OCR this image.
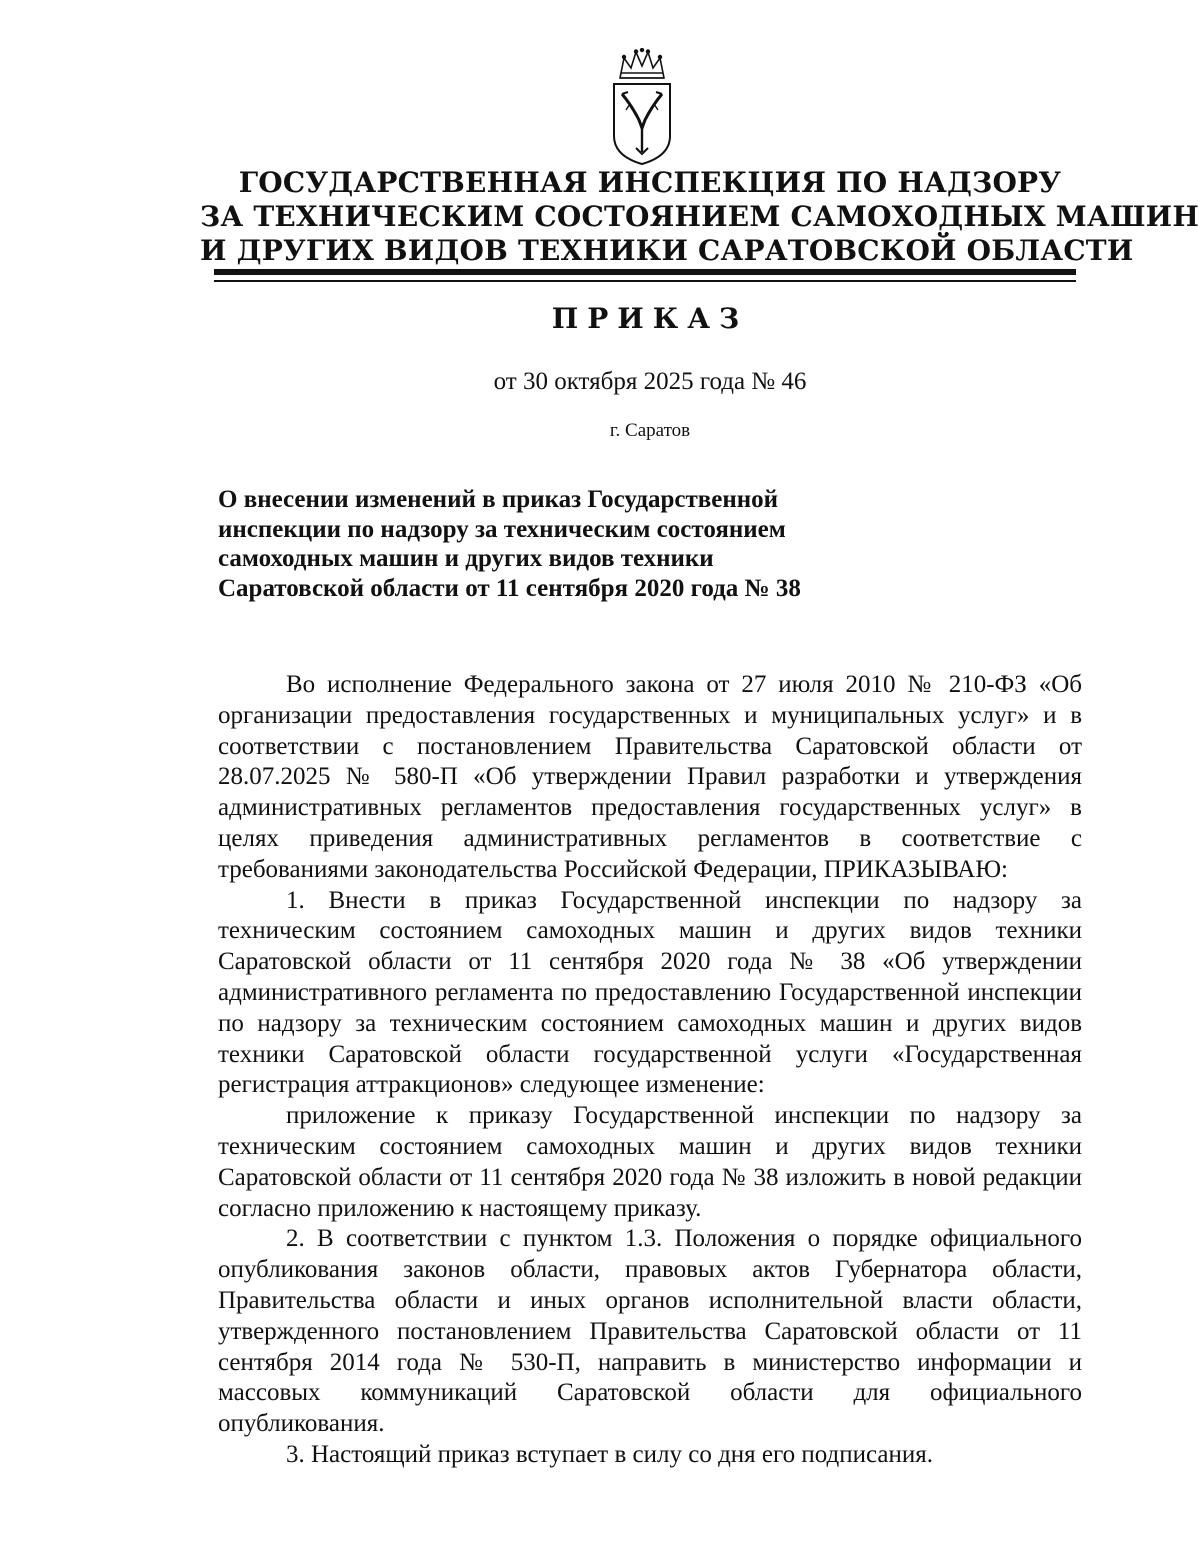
ГОСУДАРСТВЕННАЯ ИНСПЕКЦИЯ ПО НАДЗОРУ
ЗА ТЕХНИЧЕСКИМ СОСТОЯНИЕМ САМОХОДНЫХ МАШИН
И ДРУГИХ ВИДОВ ТЕХНИКИ САРАТОВСКОЙ ОБЛАСТИ
ПРИКАЗ
от 30 октября 2025 года № 46
г. Саратов
О внесении изменений в приказ Государственной
инспекции по надзору за техническим состоянием
самоходных машин и других видов техники
Саратовской области от 11 сентября 2020 года № 38

Во исполнение Федерального закона от 27 июля 2010 № 210-ФЗ «Об организации предоставления государственных и муниципальных услуг» и в соответствии с постановлением Правительства Саратовской области от 28.07.2025 № 580-П «Об утверждении Правил разработки и утверждения административных регламентов предоставления государственных услуг» в целях приведения административных регламентов в соответствие с требованиями законодательства Российской Федерации, ПРИКАЗЫВАЮ:

1. Внести в приказ Государственной инспекции по надзору за техническим состоянием самоходных машин и других видов техники Саратовской области от 11 сентября 2020 года № 38 «Об утверждении административного регламента по предоставлению Государственной инспекции по надзору за техническим состоянием самоходных машин и других видов техники Саратовской области государственной услуги «Государственная регистрация аттракционов» следующее изменение:

приложение к приказу Государственной инспекции по надзору за техническим состоянием самоходных машин и других видов техники Саратовской области от 11 сентября 2020 года № 38 изложить в новой редакции согласно приложению к настоящему приказу.

2. В соответствии с пунктом 1.3. Положения о порядке официального опубликования законов области, правовых актов Губернатора области, Правительства области и иных органов исполнительной власти области, утвержденного постановлением Правительства Саратовской области от 11 сентября 2014 года № 530-П, направить в министерство информации и массовых коммуникаций Саратовской области для официального опубликования.

3. Настоящий приказ вступает в силу со дня его подписания.
